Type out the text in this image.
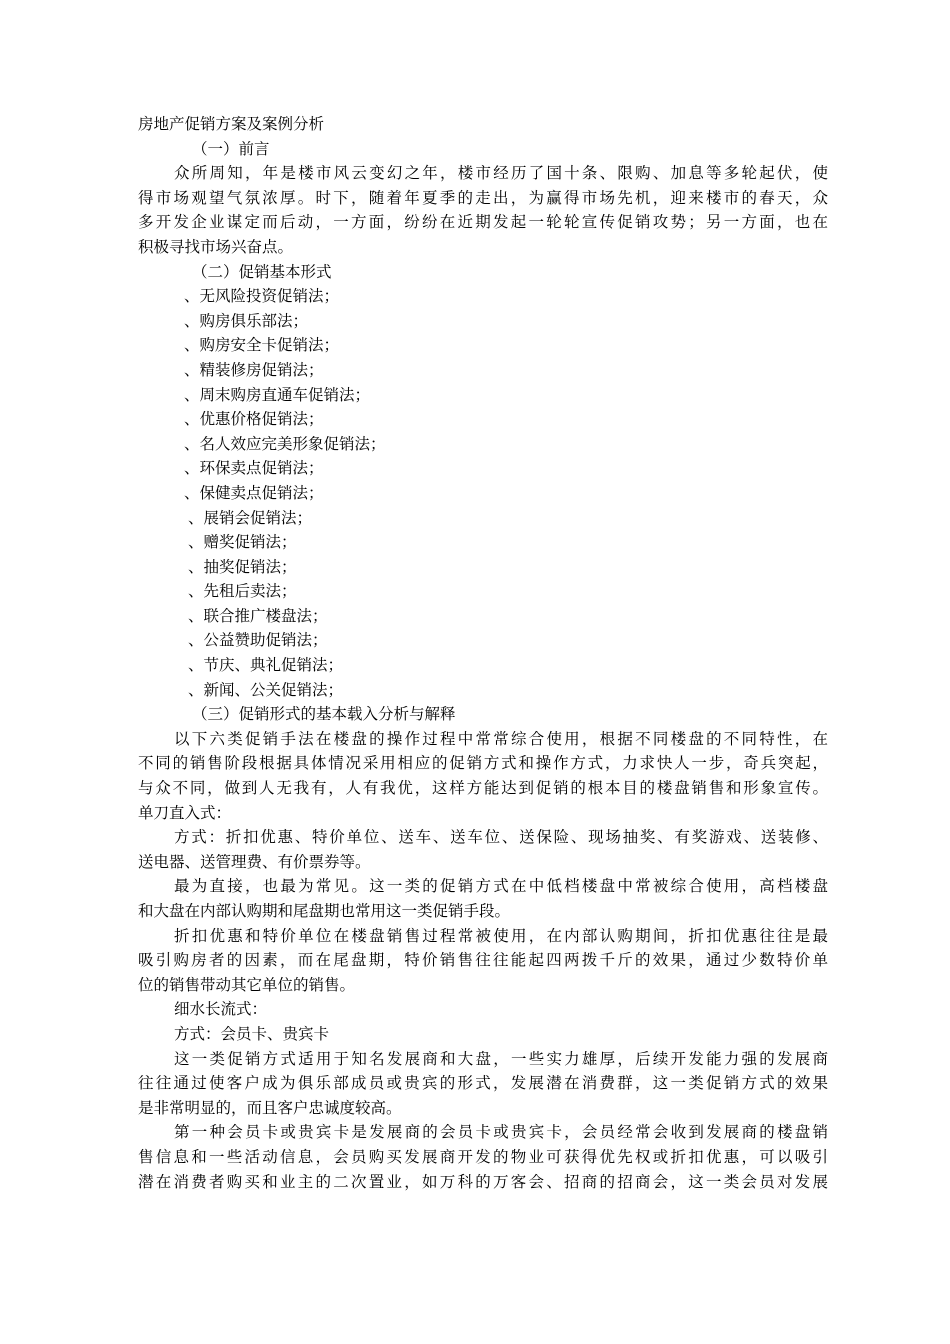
房地产促销方案及案例分析
（一）前言
众所周知，年是楼市风云变幻之年，楼市经历了国十条、限购、加息等多轮起伏，使
得市场观望气氛浓厚。时下，随着年夏季的走出，为赢得市场先机，迎来楼市的春天，众
多开发企业谋定而后动，一方面，纷纷在近期发起一轮轮宣传促销攻势；另一方面，也在
积极寻找市场兴奋点。
（二）促销基本形式
、无风险投资促销法；
、购房俱乐部法；
、购房安全卡促销法；
、精装修房促销法；
、周末购房直通车促销法；
、优惠价格促销法；
、名人效应完美形象促销法；
、环保卖点促销法；
、保健卖点促销法；
、展销会促销法；
、赠奖促销法；
、抽奖促销法；
、先租后卖法；
、联合推广楼盘法；
、公益赞助促销法；
、节庆、典礼促销法；
、新闻、公关促销法；
（三）促销形式的基本载入分析与解释
以下六类促销手法在楼盘的操作过程中常常综合使用，根据不同楼盘的不同特性，在
不同的销售阶段根据具体情况采用相应的促销方式和操作方式，力求快人一步，奇兵突起，
与众不同，做到人无我有，人有我优，这样方能达到促销的根本目的楼盘销售和形象宣传。
单刀直入式：
方式：折扣优惠、特价单位、送车、送车位、送保险、现场抽奖、有奖游戏、送装修、
送电器、送管理费、有价票券等。
最为直接，也最为常见。这一类的促销方式在中低档楼盘中常被综合使用，高档楼盘
和大盘在内部认购期和尾盘期也常用这一类促销手段。
折扣优惠和特价单位在楼盘销售过程常被使用，在内部认购期间，折扣优惠往往是最
吸引购房者的因素，而在尾盘期，特价销售往往能起四两拨千斤的效果，通过少数特价单
位的销售带动其它单位的销售。
细水长流式：
方式：会员卡、贵宾卡
这一类促销方式适用于知名发展商和大盘，一些实力雄厚，后续开发能力强的发展商
往往通过使客户成为俱乐部成员或贵宾的形式，发展潜在消费群，这一类促销方式的效果
是非常明显的，而且客户忠诚度较高。
第一种会员卡或贵宾卡是发展商的会员卡或贵宾卡，会员经常会收到发展商的楼盘销
售信息和一些活动信息，会员购买发展商开发的物业可获得优先权或折扣优惠，可以吸引
潜在消费者购买和业主的二次置业，如万科的万客会、招商的招商会，这一类会员对发展
